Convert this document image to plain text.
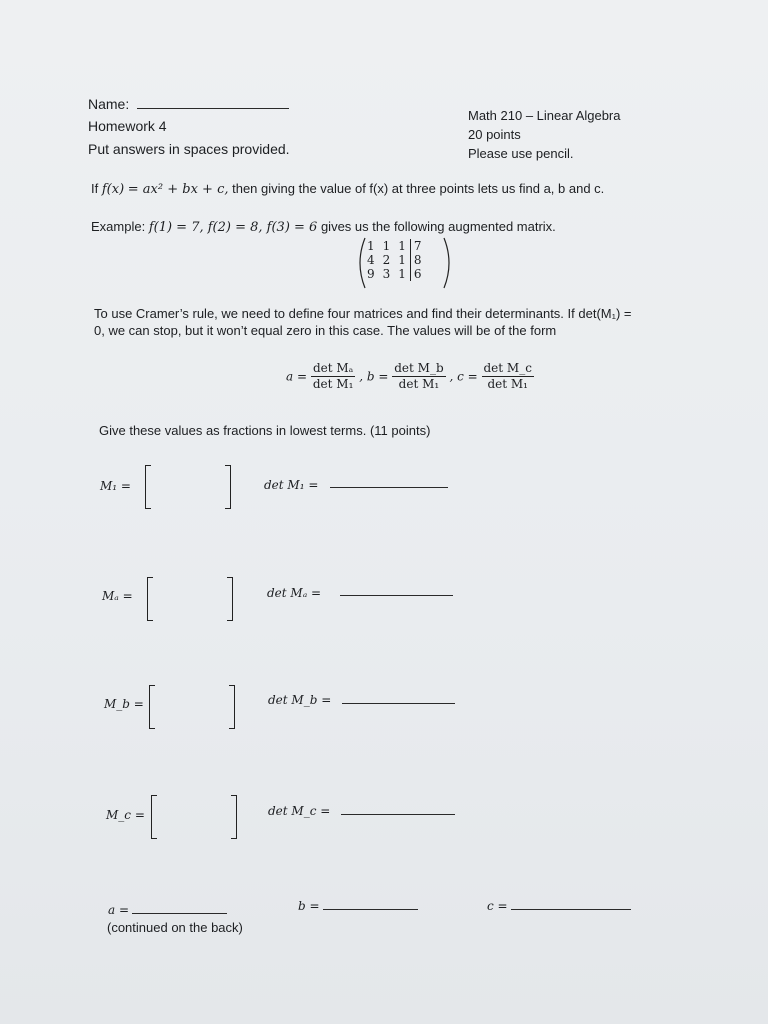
Name:
Homework 4
Put answers in spaces provided.
Math 210 – Linear Algebra
20 points
Please use pencil.
If f(x) = ax² + bx + c, then giving the value of f(x) at three points lets us find a, b and c.
Example: f(1) = 7, f(2) = 8, f(3) = 6 gives us the following augmented matrix.
1	1	1	7
4	2	1	8
9	3	1	6
To use Cramer’s rule, we need to define four matrices and find their determinants. If det(M₁) =
0, we can stop, but it won’t equal zero in this case. The values will be of the form
$a = \frac{\text{det Mₐ}}{\text{det M₁}}$ , $b = \frac{\text{det M\_b}}{\text{det M₁}}$ , $c = \frac{\text{det M\_c}}{\text{det M₁}}$
Give these values as fractions in lowest terms. (11 points)
M₁ =	det M₁ =
Mₐ =	det Mₐ =
M_b =	det M_b =
M_c =	det M_c =
a =	b =	c =
(continued on the back)
